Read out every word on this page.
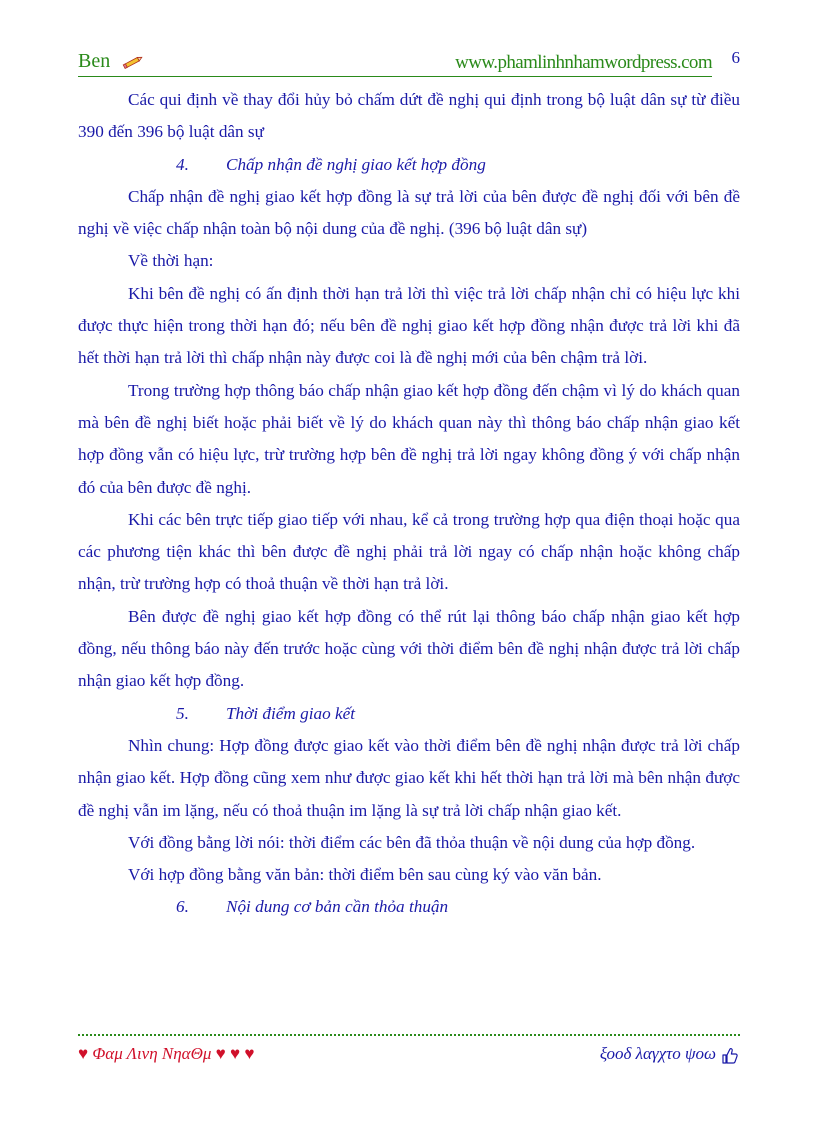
Ben	www.phamlinhnhamwordpress.com 6

Các qui định về thay đổi hủy bỏ chấm dứt đề nghị qui định trong bộ luật dân sự từ điều 390 đến 396 bộ luật dân sự

4. Chấp nhận đề nghị giao kết hợp đồng

Chấp nhận đề nghị giao kết hợp đồng là sự trả lời của bên được đề nghị đối với bên đề nghị về việc chấp nhận toàn bộ nội dung của đề nghị. (396 bộ luật dân sự)

Về thời hạn:

Khi bên đề nghị có ấn định thời hạn trả lời thì việc trả lời chấp nhận chỉ có hiệu lực khi được thực hiện trong thời hạn đó; nếu bên đề nghị giao kết hợp đồng nhận được trả lời khi đã hết thời hạn trả lời thì chấp nhận này được coi là đề nghị mới của bên chậm trả lời.

Trong trường hợp thông báo chấp nhận giao kết hợp đồng đến chậm vì lý do khách quan mà bên đề nghị biết hoặc phải biết về lý do khách quan này thì thông báo chấp nhận giao kết hợp đồng vẫn có hiệu lực, trừ trường hợp bên đề nghị trả lời ngay không đồng ý với chấp nhận đó của bên được đề nghị.

Khi các bên trực tiếp giao tiếp với nhau, kể cả trong trường hợp qua điện thoại hoặc qua các phương tiện khác thì bên được đề nghị phải trả lời ngay có chấp nhận hoặc không chấp nhận, trừ trường hợp có thoả thuận về thời hạn trả lời.

Bên được đề nghị giao kết hợp đồng có thể rút lại thông báo chấp nhận giao kết hợp đồng, nếu thông báo này đến trước hoặc cùng với thời điểm bên đề nghị nhận được trả lời chấp nhận giao kết hợp đồng.

5. Thời điểm giao kết

Nhìn chung: Hợp đồng được giao kết vào thời điểm bên đề nghị nhận được trả lời chấp nhận giao kết. Hợp đồng cũng xem như được giao kết khi hết thời hạn trả lời mà bên nhận được đề nghị vẫn im lặng, nếu có thoả thuận im lặng là sự trả lời chấp nhận giao kết.

Với đồng bằng lời nói: thời điểm các bên đã thỏa thuận về nội dung của hợp đồng.

Với hợp đồng bằng văn bản: thời điểm bên sau cùng ký vào văn bản.

6. Nội dung cơ bản cần thỏa thuận

♥ Φαμ Λινη ΝηαΘμ ♥ ♥ ♥	ξοοδ λαγχτο ψοω
